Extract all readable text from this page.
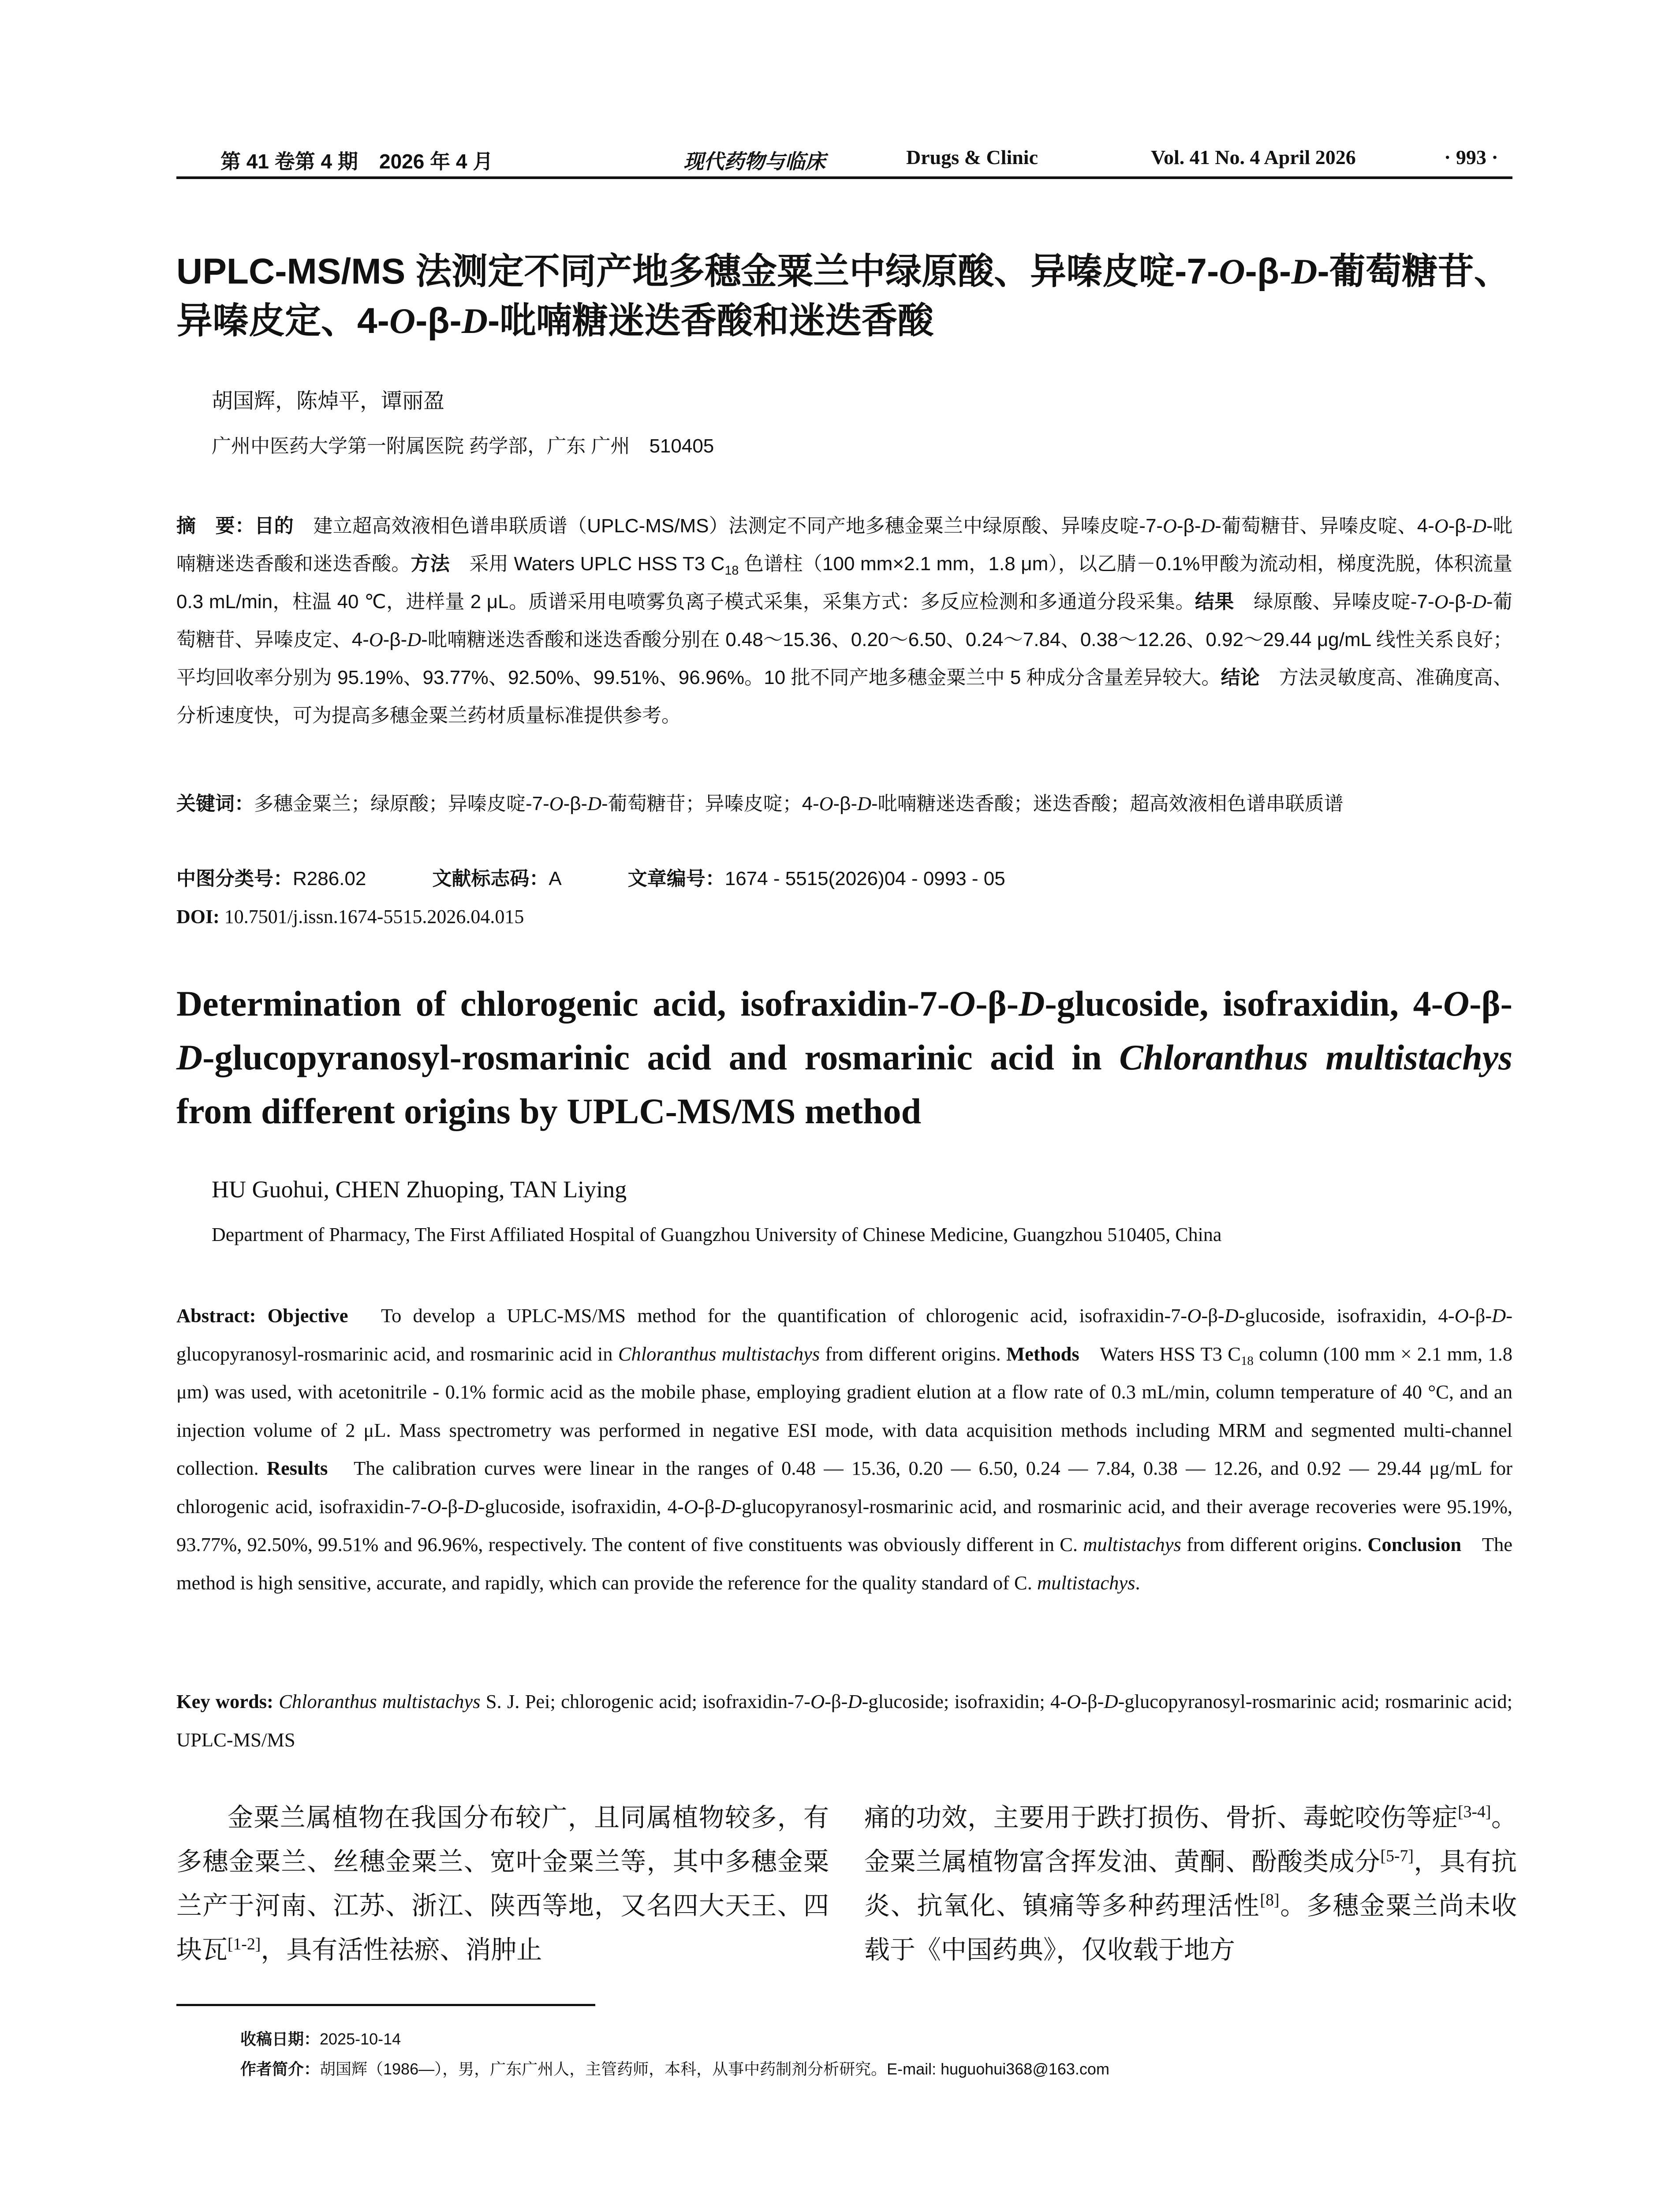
第 41 卷第 4 期 2026 年 4 月	现代药物与临床	Drugs & Clinic	Vol. 41 No. 4 April 2026	· 993 ·
UPLC-MS/MS 法测定不同产地多穗金粟兰中绿原酸、异嗪皮啶-7-O-β-D-葡萄糖苷、异嗪皮定、4-O-β-D-吡喃糖迷迭香酸和迷迭香酸
胡国辉，陈焯平，谭丽盈
广州中医药大学第一附属医院 药学部，广东 广州　510405
摘　要：目的　建立超高效液相色谱串联质谱（UPLC-MS/MS）法测定不同产地多穗金粟兰中绿原酸、异嗪皮啶-7-O-β-D-葡萄糖苷、异嗪皮啶、4-O-β-D-吡喃糖迷迭香酸和迷迭香酸。方法　采用 Waters UPLC HSS T3 $C_{18}$ 色谱柱（100 mm×2.1 mm，1.8 μm），以乙腈－0.1%甲酸为流动相，梯度洗脱，体积流量 0.3 mL/min，柱温 40 ℃，进样量 2 μL。质谱采用电喷雾负离子模式采集，采集方式：多反应检测和多通道分段采集。结果　绿原酸、异嗪皮啶-7-O-β-D-葡萄糖苷、异嗪皮定、4-O-β-D-吡喃糖迷迭香酸和迷迭香酸分别在 0.48～15.36、0.20～6.50、0.24～7.84、0.38～12.26、0.92～29.44 μg/mL 线性关系良好；平均回收率分别为 95.19%、93.77%、92.50%、99.51%、96.96%。10 批不同产地多穗金粟兰中 5 种成分含量差异较大。结论　方法灵敏度高、准确度高、分析速度快，可为提高多穗金粟兰药材质量标准提供参考。
关键词：多穗金粟兰；绿原酸；异嗪皮啶-7-O-β-D-葡萄糖苷；异嗪皮啶；4-O-β-D-吡喃糖迷迭香酸；迷迭香酸；超高效液相色谱串联质谱
中图分类号：R286.02	文献标志码：A	文章编号：1674 - 5515(2026)04 - 0993 - 05
DOI: 10.7501/j.issn.1674-5515.2026.04.015
Determination of chlorogenic acid, isofraxidin-7-O-β-D-glucoside, isofraxidin, 4-O-β-D-glucopyranosyl-rosmarinic acid and rosmarinic acid in Chloranthus multistachys from different origins by UPLC-MS/MS method
HU Guohui, CHEN Zhuoping, TAN Liying
Department of Pharmacy, The First Affiliated Hospital of Guangzhou University of Chinese Medicine, Guangzhou 510405, China
Abstract: Objective　To develop a UPLC-MS/MS method for the quantification of chlorogenic acid, isofraxidin-7-O-β-D-glucoside, isofraxidin, 4-O-β-D-glucopyranosyl-rosmarinic acid, and rosmarinic acid in Chloranthus multistachys from different origins. Methods　Waters HSS T3 $C_{18}$ column (100 mm × 2.1 mm, 1.8 μm) was used, with acetonitrile - 0.1% formic acid as the mobile phase, employing gradient elution at a flow rate of 0.3 mL/min, column temperature of 40 °C, and an injection volume of 2 μL. Mass spectrometry was performed in negative ESI mode, with data acquisition methods including MRM and segmented multi-channel collection. Results　The calibration curves were linear in the ranges of 0.48 — 15.36, 0.20 — 6.50, 0.24 — 7.84, 0.38 — 12.26, and 0.92 — 29.44 μg/mL for chlorogenic acid, isofraxidin-7-O-β-D-glucoside, isofraxidin, 4-O-β-D-glucopyranosyl-rosmarinic acid, and rosmarinic acid, and their average recoveries were 95.19%, 93.77%, 92.50%, 99.51% and 96.96%, respectively. The content of five constituents was obviously different in C. multistachys from different origins. Conclusion　The method is high sensitive, accurate, and rapidly, which can provide the reference for the quality standard of C. multistachys.
Key words: Chloranthus multistachys S. J. Pei; chlorogenic acid; isofraxidin-7-O-β-D-glucoside; isofraxidin; 4-O-β-D-glucopyranosyl-rosmarinic acid; rosmarinic acid; UPLC-MS/MS
金粟兰属植物在我国分布较广，且同属植物较多，有多穗金粟兰、丝穗金粟兰、宽叶金粟兰等，其中多穗金粟兰产于河南、江苏、浙江、陕西等地，又名四大天王、四块瓦[1-2]，具有活性祛瘀、消肿止
痛的功效，主要用于跌打损伤、骨折、毒蛇咬伤等症[3-4]。金粟兰属植物富含挥发油、黄酮、酚酸类成分[5-7]，具有抗炎、抗氧化、镇痛等多种药理活性[8]。多穗金粟兰尚未收载于《中国药典》，仅收载于地方
收稿日期：2025-10-14
作者简介：胡国辉（1986—），男，广东广州人，主管药师，本科，从事中药制剂分析研究。E-mail: huguohui368@163.com
